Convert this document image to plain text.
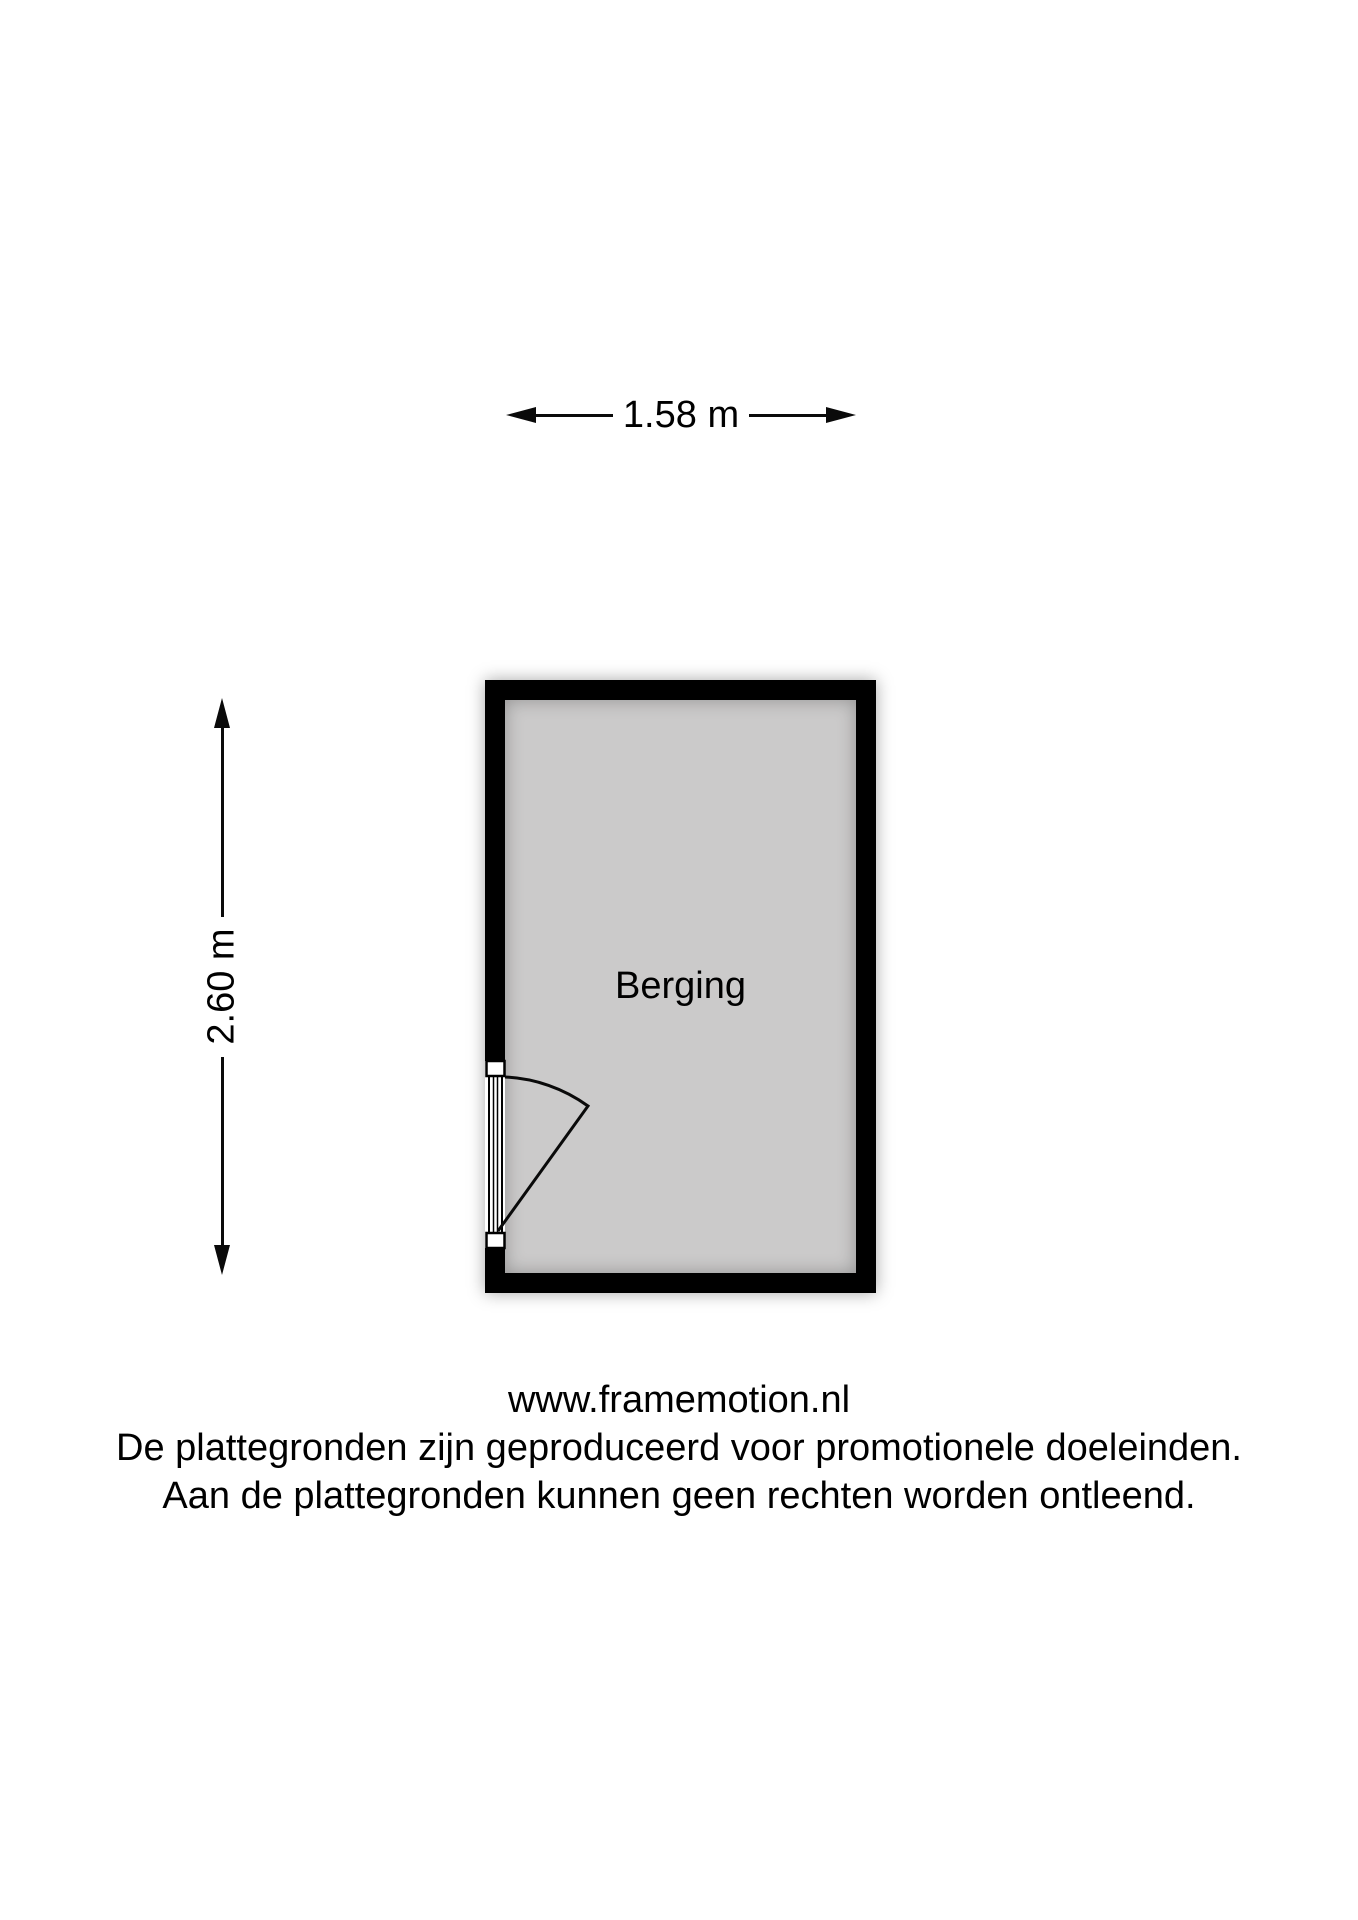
1.58 m
2.60 m	Berging
www.framemotion.nl
De plattegronden zijn geproduceerd voor promotionele doeleinden.
Aan de plattegronden kunnen geen rechten worden ontleend.
